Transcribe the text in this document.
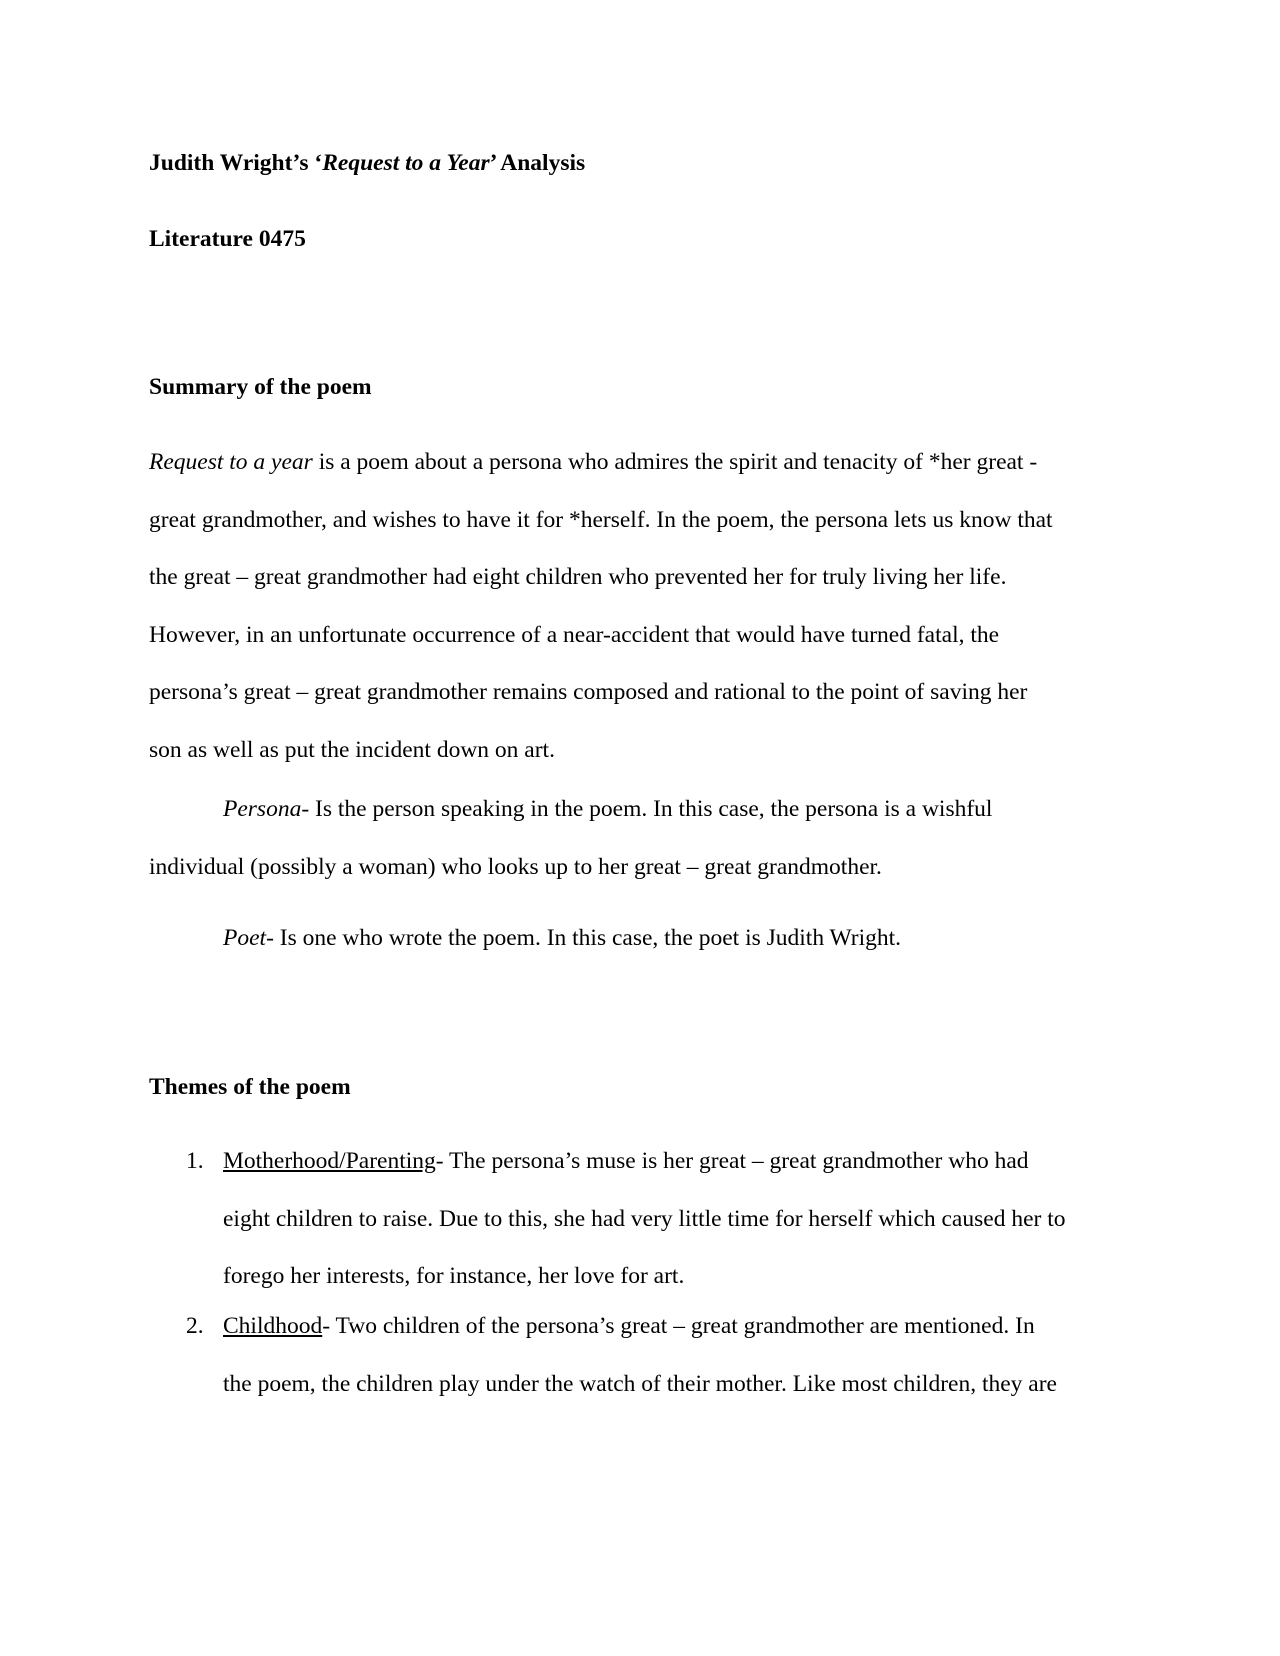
Judith Wright’s ‘Request to a Year’ Analysis
Literature 0475
Summary of the poem
Request to a year is a poem about a persona who admires the spirit and tenacity of *her great -
great grandmother, and wishes to have it for *herself. In the poem, the persona lets us know that
the great – great grandmother had eight children who prevented her for truly living her life.
However, in an unfortunate occurrence of a near-accident that would have turned fatal, the
persona’s great – great grandmother remains composed and rational to the point of saving her
son as well as put the incident down on art.
Persona- Is the person speaking in the poem. In this case, the persona is a wishful
individual (possibly a woman) who looks up to her great – great grandmother.
Poet- Is one who wrote the poem. In this case, the poet is Judith Wright.
Themes of the poem
1. Motherhood/Parenting- The persona’s muse is her great – great grandmother who had
eight children to raise. Due to this, she had very little time for herself which caused her to
forego her interests, for instance, her love for art.
2. Childhood- Two children of the persona’s great – great grandmother are mentioned. In
the poem, the children play under the watch of their mother. Like most children, they are
